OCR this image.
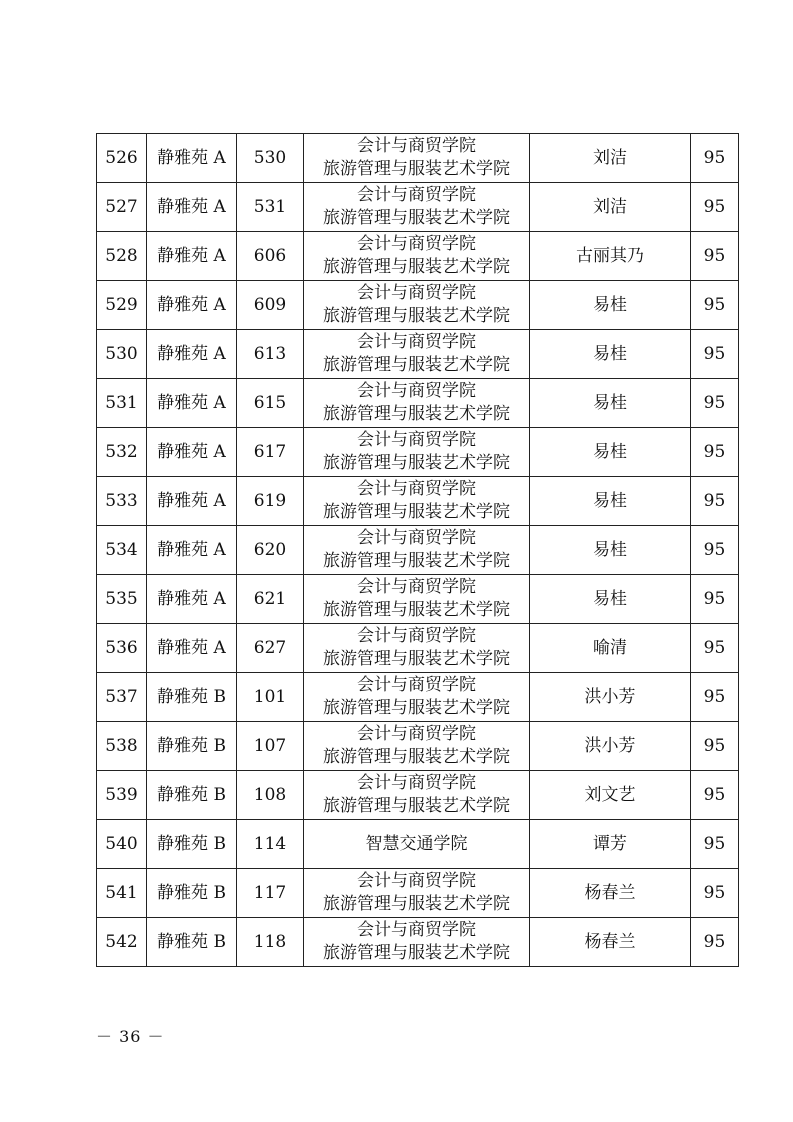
526	静雅苑 A	530	会计与商贸学院
旅游管理与服装艺术学院	刘洁	95
527	静雅苑 A	531	会计与商贸学院
旅游管理与服装艺术学院	刘洁	95
528	静雅苑 A	606	会计与商贸学院
旅游管理与服装艺术学院	古丽其乃	95
529	静雅苑 A	609	会计与商贸学院
旅游管理与服装艺术学院	易桂	95
530	静雅苑 A	613	会计与商贸学院
旅游管理与服装艺术学院	易桂	95
531	静雅苑 A	615	会计与商贸学院
旅游管理与服装艺术学院	易桂	95
532	静雅苑 A	617	会计与商贸学院
旅游管理与服装艺术学院	易桂	95
533	静雅苑 A	619	会计与商贸学院
旅游管理与服装艺术学院	易桂	95
534	静雅苑 A	620	会计与商贸学院
旅游管理与服装艺术学院	易桂	95
535	静雅苑 A	621	会计与商贸学院
旅游管理与服装艺术学院	易桂	95
536	静雅苑 A	627	会计与商贸学院
旅游管理与服装艺术学院	喻清	95
537	静雅苑 B	101	会计与商贸学院
旅游管理与服装艺术学院	洪小芳	95
538	静雅苑 B	107	会计与商贸学院
旅游管理与服装艺术学院	洪小芳	95
539	静雅苑 B	108	会计与商贸学院
旅游管理与服装艺术学院	刘文艺	95
540	静雅苑 B	114	智慧交通学院	谭芳	95
541	静雅苑 B	117	会计与商贸学院
旅游管理与服装艺术学院	杨春兰	95
542	静雅苑 B	118	会计与商贸学院
旅游管理与服装艺术学院	杨春兰	95
－ 36 －
